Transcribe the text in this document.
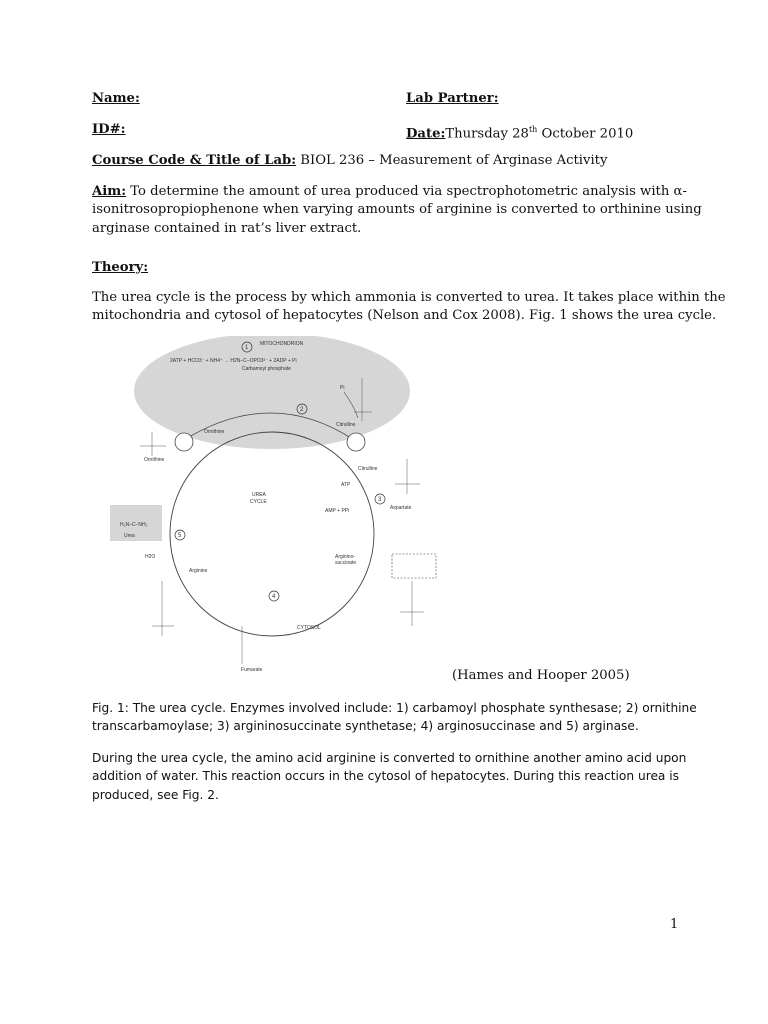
Name:	Lab Partner:
ID#:	Date:Thursday 28th October 2010
Course Code & Title of Lab: BIOL 236 – Measurement of Arginase Activity
Aim: To determine the amount of urea produced via spectrophotometric analysis with α-
isonitrosopropiophenone when varying amounts of arginine is converted to orthinine using
arginase contained in rat’s liver extract.
Theory:
The urea cycle is the process by which ammonia is converted to urea. It takes place within the
mitochondria and cytosol of hepatocytes (Nelson and Cox 2008). Fig. 1 shows the urea cycle.
MITOCHONDRION
2ATP + HCO3⁻ + NH4⁺ → H2N–C–OPO3²⁻ + 2ADP + Pi
Carbamoyl phosphate
1
Ornithine
Citrulline
2
Pi
UREA
CYCLE
CYTOSOL
Citrulline
ATP
AMP + PPi	Aspartate
3
Arginino-
succinate
4
Fumarate
Arginine
H2O
5
H₂N–C–NH₂
Urea
Ornithine
(Hames and Hooper 2005)
Fig. 1: The urea cycle. Enzymes involved include: 1) carbamoyl phosphate synthesase; 2) ornithine
transcarbamoylase; 3) argininosuccinate synthetase; 4) arginosuccinase and 5) arginase.
During the urea cycle, the amino acid arginine is converted to ornithine another amino acid upon
addition of water. This reaction occurs in the cytosol of hepatocytes. During this reaction urea is
produced, see Fig. 2.
1
